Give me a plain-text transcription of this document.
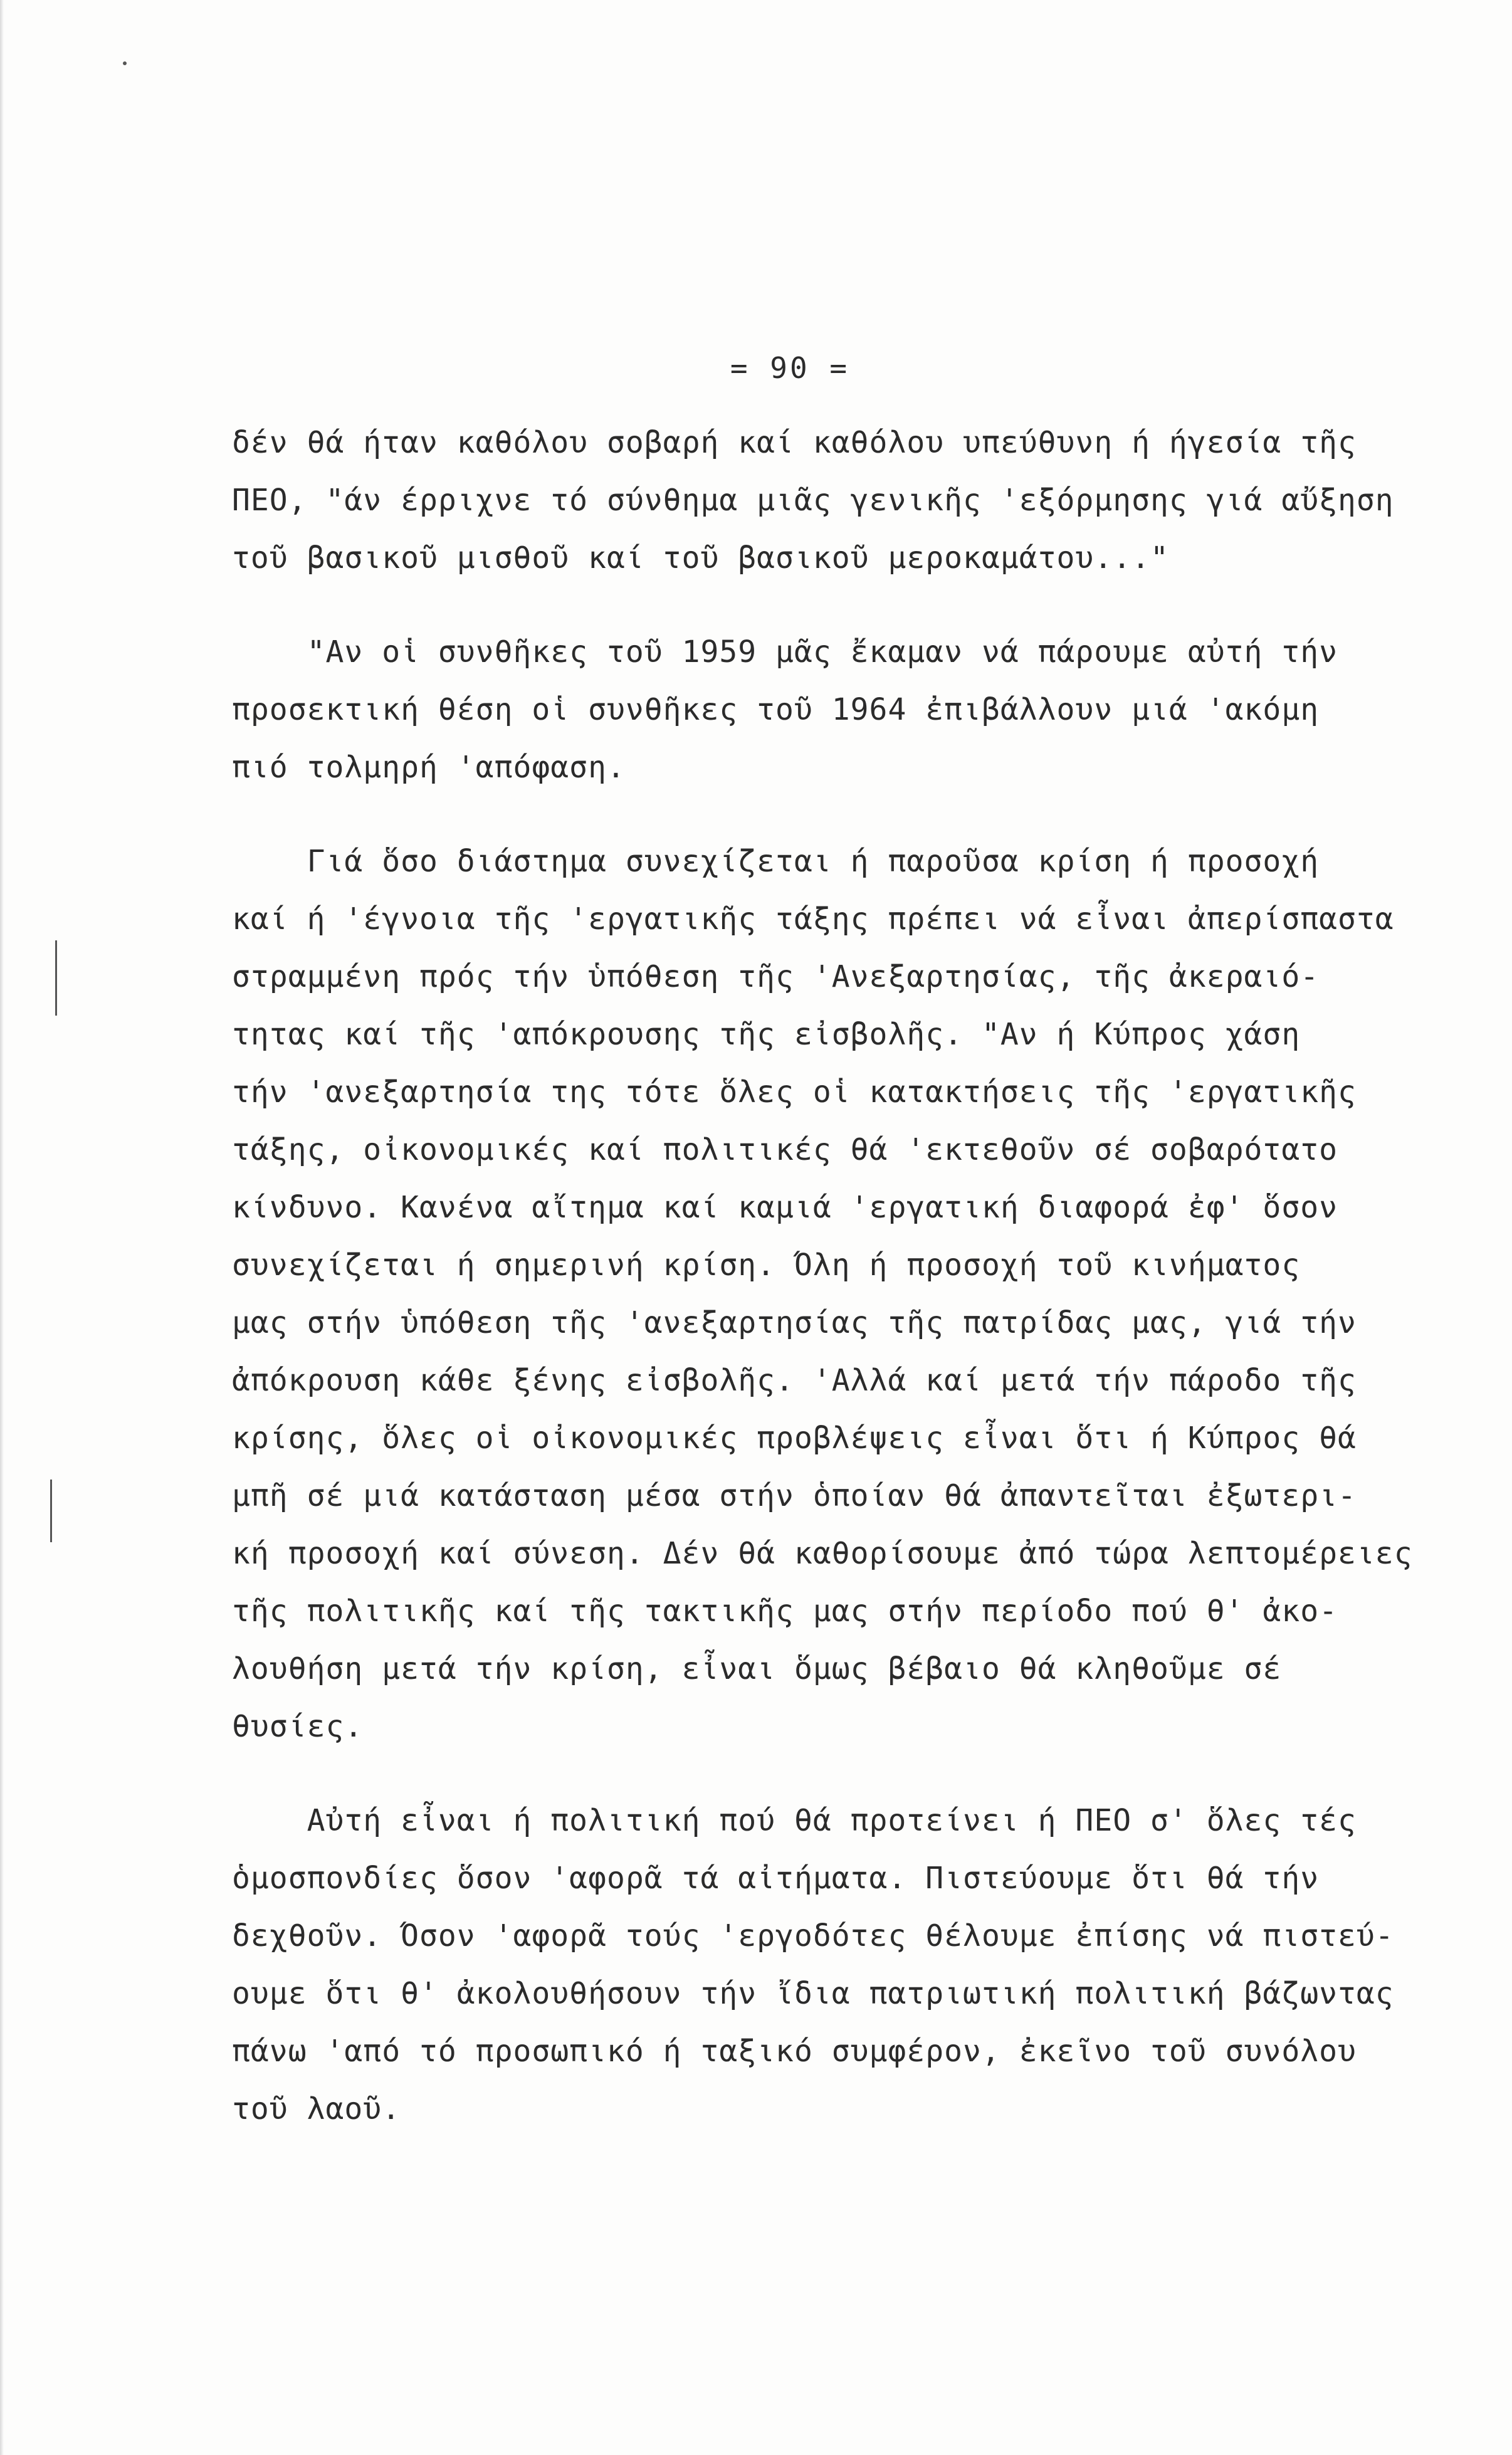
= 90 =
δέν θά ήταν καθόλου σοβαρή καί καθόλου υπεύθυνη ή ήγεσία τῆς
ΠΕΟ, "άν έρριχνε τό σύνθημα μιᾶς γενικῆς 'εξόρμησης γιά αὔξηση
τοῦ βασικοῦ μισθοῦ καί τοῦ βασικοῦ μεροκαμάτου..."
"Αν οἱ συνθῆκες τοῦ 1959 μᾶς ἔκαμαν νά πάρουμε αὐτή τήν
προσεκτική θέση οἱ συνθῆκες τοῦ 1964 ἐπιβάλλουν μιά 'ακόμη
πιό τολμηρή 'απόφαση.
Γιά ὅσο διάστημα συνεχίζεται ή παροῦσα κρίση ή προσοχή
καί ή 'έγνοια τῆς 'εργατικῆς τάξης πρέπει νά εἶναι ἀπερίσπαστα
στραμμένη πρός τήν ὑπόθεση τῆς 'Ανεξαρτησίας, τῆς ἀκεραιό-
τητας καί τῆς 'απόκρουσης τῆς εἰσβολῆς. "Αν ή Κύπρος χάση
τήν 'ανεξαρτησία της τότε ὅλες οἱ κατακτήσεις τῆς 'εργατικῆς
τάξης, οἰκονομικές καί πολιτικές θά 'εκτεθοῦν σέ σοβαρότατο
κίνδυνο. Κανένα αἴτημα καί καμιά 'εργατική διαφορά ἐφ' ὅσον
συνεχίζεται ή σημερινή κρίση. Όλη ή προσοχή τοῦ κινήματος
μας στήν ὑπόθεση τῆς 'ανεξαρτησίας τῆς πατρίδας μας, γιά τήν
ἀπόκρουση κάθε ξένης εἰσβολῆς. 'Αλλά καί μετά τήν πάροδο τῆς
κρίσης, ὅλες οἱ οἰκονομικές προβλέψεις εἶναι ὅτι ή Κύπρος θά
μπῆ σέ μιά κατάσταση μέσα στήν ὁποίαν θά ἀπαντεῖται ἐξωτερι-
κή προσοχή καί σύνεση. Δέν θά καθορίσουμε ἀπό τώρα λεπτομέρειες
τῆς πολιτικῆς καί τῆς τακτικῆς μας στήν περίοδο πού θ' ἀκο-
λουθήση μετά τήν κρίση, εἶναι ὅμως βέβαιο θά κληθοῦμε σέ
θυσίες.
Αὐτή εἶναι ή πολιτική πού θά προτείνει ή ΠΕΟ σ' ὅλες τές
ὁμοσπονδίες ὅσον 'αφορᾶ τά αἰτήματα. Πιστεύουμε ὅτι θά τήν
δεχθοῦν. Όσον 'αφορᾶ τούς 'εργοδότες θέλουμε ἐπίσης νά πιστεύ-
ουμε ὅτι θ' ἀκολουθήσουν τήν ἴδια πατριωτική πολιτική βάζωντας
πάνω 'από τό προσωπικό ή ταξικό συμφέρον, ἐκεῖνο τοῦ συνόλου
τοῦ λαοῦ.
